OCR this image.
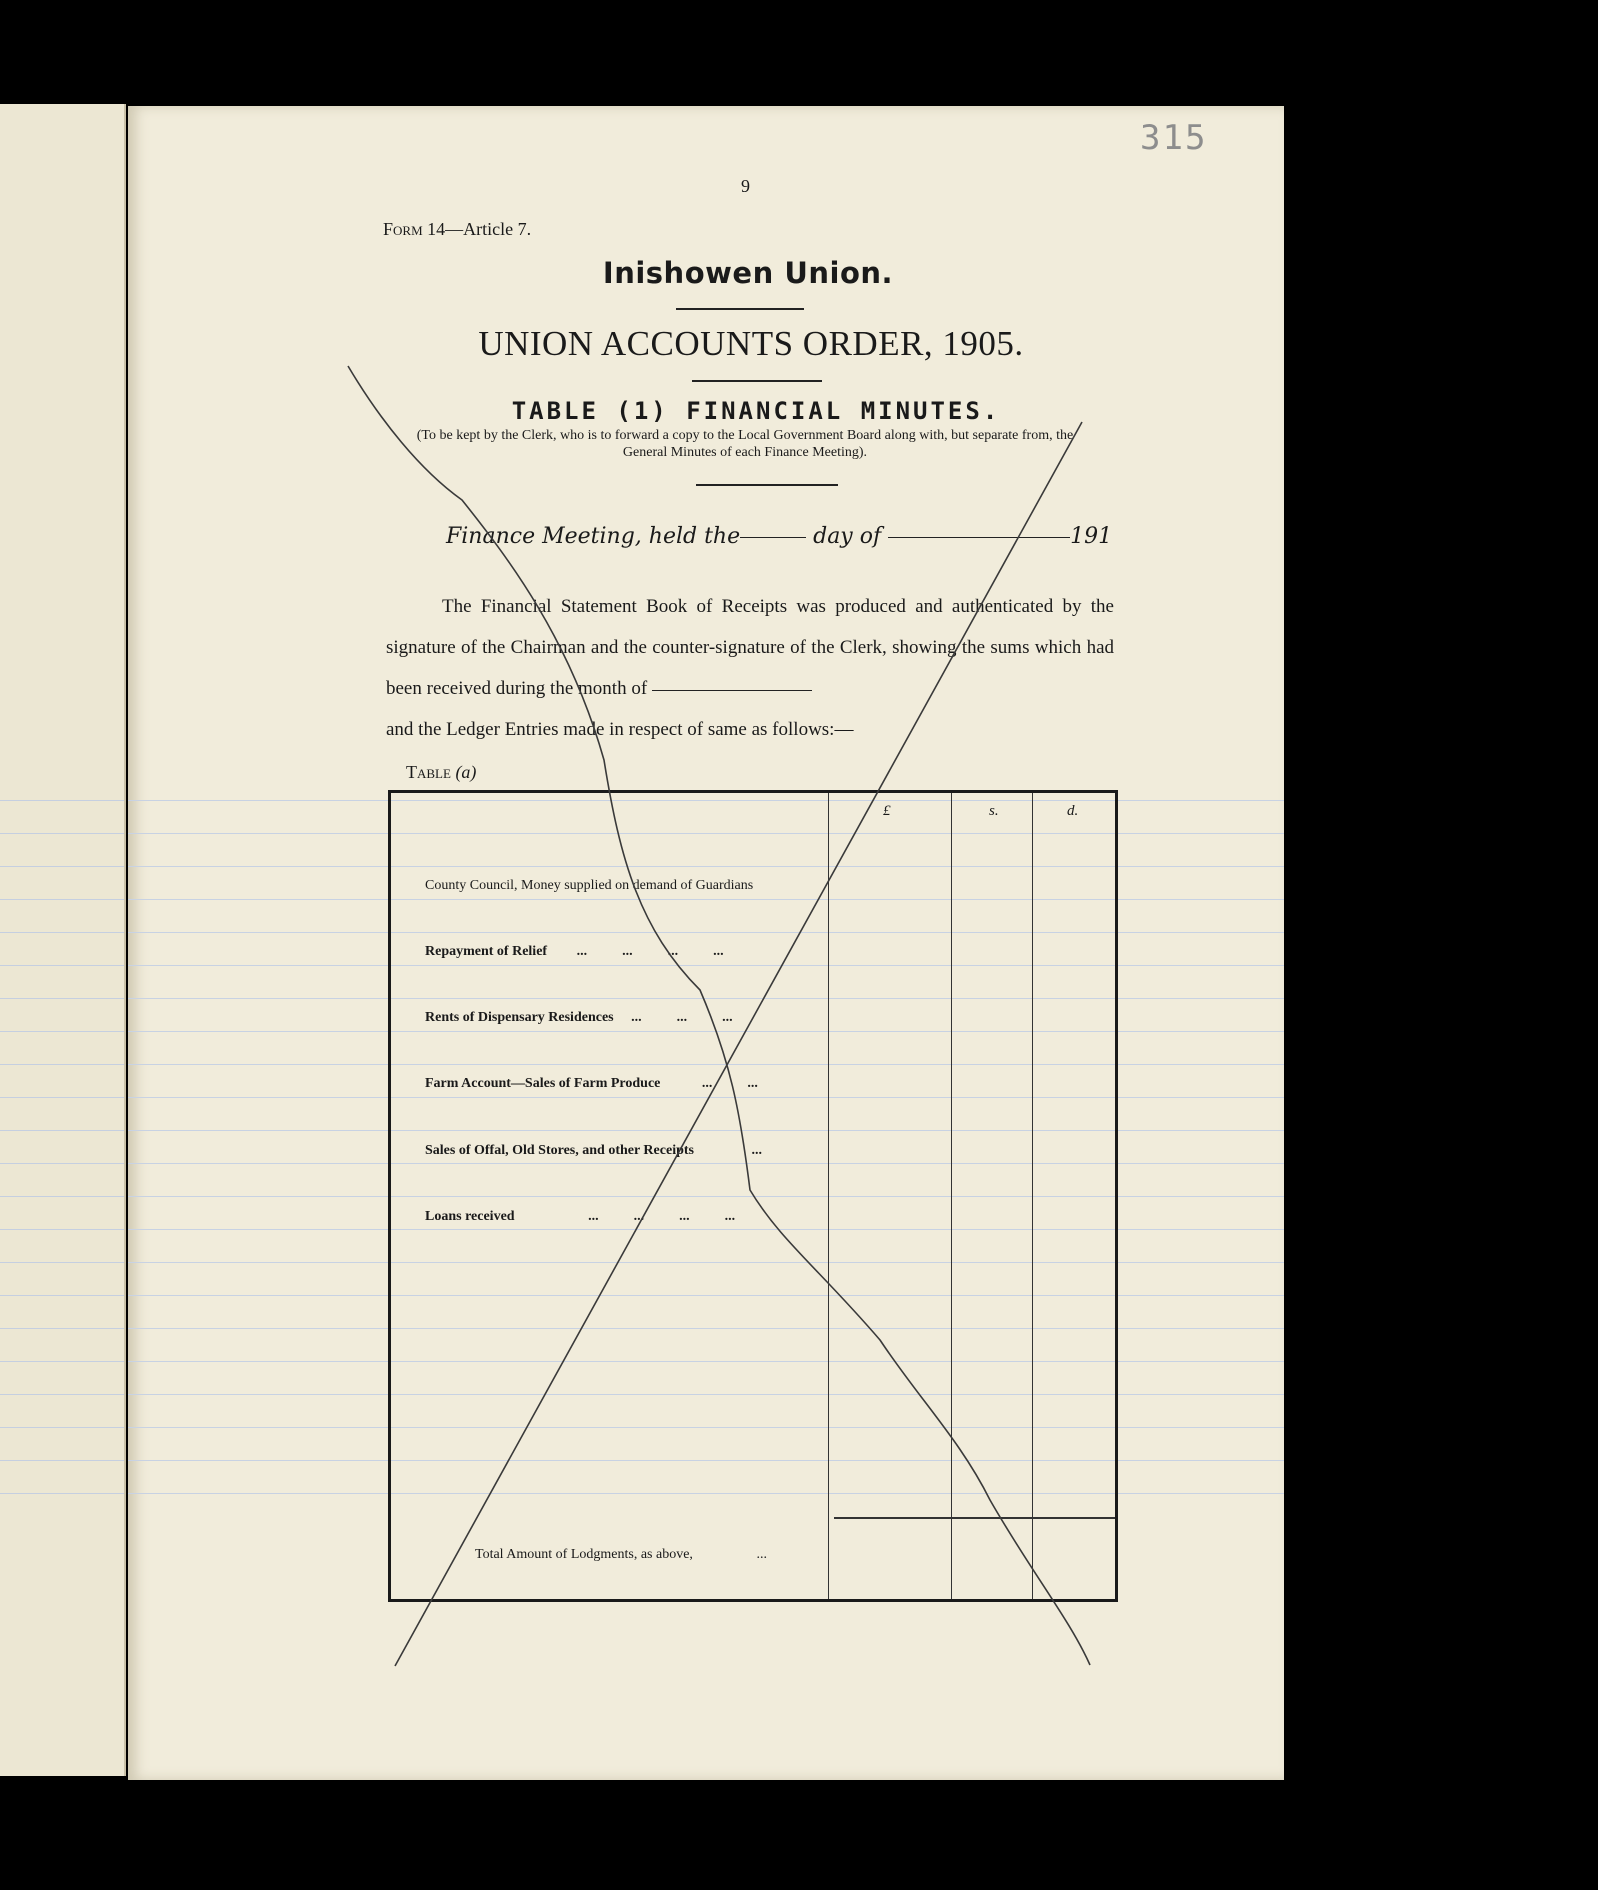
315
9
Form 14—Article 7.
Inishowen Union.
UNION ACCOUNTS ORDER, 1905.
TABLE (1) FINANCIAL MINUTES.
(To be kept by the Clerk, who is to forward a copy to the Local Government Board along with, but separate from, the General Minutes of each Finance Meeting).
Finance Meeting, held the	day of	191

The Financial Statement Book of Receipts was produced and authenticated by the signature of the Chairman and the counter-signature of the Clerk, showing the sums which had been received during the month of

and the Ledger Entries made in respect of same as follows:—

Table (a)
£	s.	d.
County Council, Money supplied on demand of Guardians
Repayment of Relief ...          ...          ...          ...
Rents of Dispensary Residences ...          ...          ...
Farm Account—Sales of Farm Produce	...          ...
Sales of Offal, Old Stores, and other Receipts	...
Loans received	...          ...          ...          ...
Total Amount of Lodgments, as above,	...
